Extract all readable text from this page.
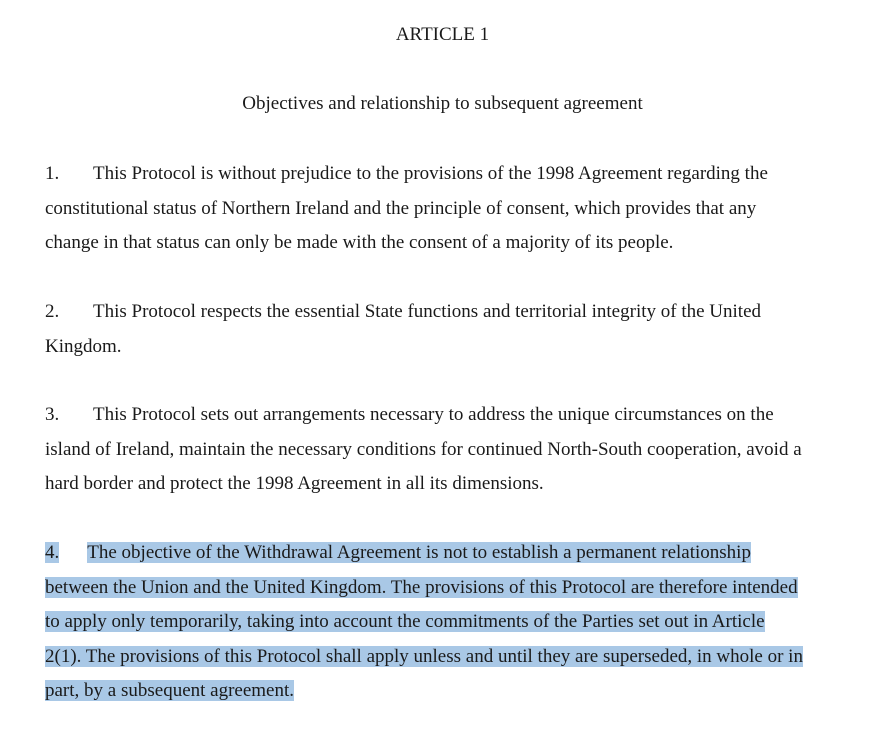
ARTICLE 1
Objectives and relationship to subsequent agreement
1. This Protocol is without prejudice to the provisions of the 1998 Agreement regarding the
constitutional status of Northern Ireland and the principle of consent, which provides that any
change in that status can only be made with the consent of a majority of its people.
2. This Protocol respects the essential State functions and territorial integrity of the United
Kingdom.
3. This Protocol sets out arrangements necessary to address the unique circumstances on the
island of Ireland, maintain the necessary conditions for continued North-South cooperation, avoid a
hard border and protect the 1998 Agreement in all its dimensions.
4. The objective of the Withdrawal Agreement is not to establish a permanent relationship
between the Union and the United Kingdom. The provisions of this Protocol are therefore intended
to apply only temporarily, taking into account the commitments of the Parties set out in Article
2(1). The provisions of this Protocol shall apply unless and until they are superseded, in whole or in
part, by a subsequent agreement.
